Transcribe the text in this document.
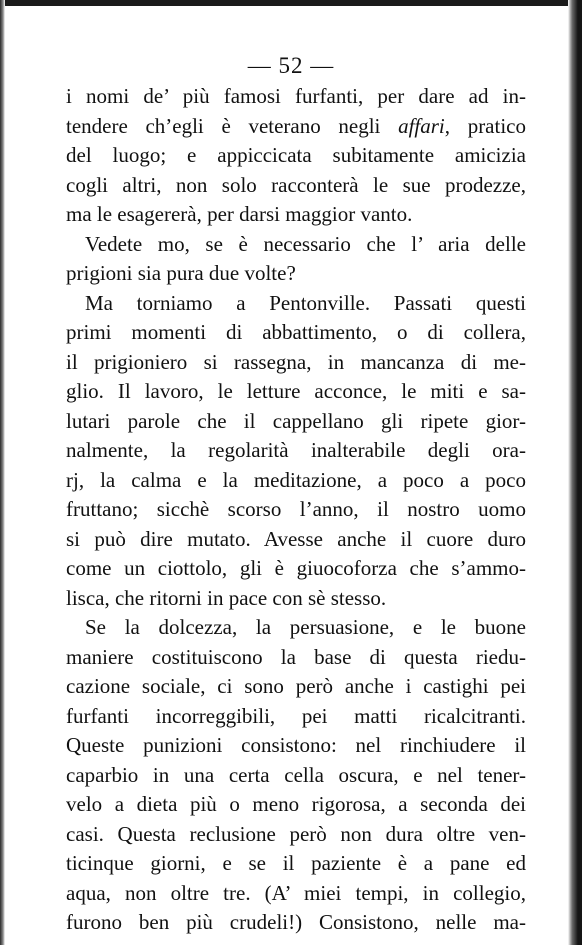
— 52 —
i nomi de’ più famosi furfanti, per dare ad in-
tendere ch’egli è veterano negli affari, pratico
del luogo; e appiccicata subitamente amicizia
cogli altri, non solo racconterà le sue prodezze,
ma le esagererà, per darsi maggior vanto.
Vedete mo, se è necessario che l’ aria delle
prigioni sia pura due volte?
Ma torniamo a Pentonville. Passati questi
primi momenti di abbattimento, o di collera,
il prigioniero si rassegna, in mancanza di me-
glio. Il lavoro, le letture acconce, le miti e sa-
lutari parole che il cappellano gli ripete gior-
nalmente, la regolarità inalterabile degli ora-
rj, la calma e la meditazione, a poco a poco
fruttano; sicchè scorso l’anno, il nostro uomo
si può dire mutato. Avesse anche il cuore duro
come un ciottolo, gli è giuocoforza che s’ammo-
lisca, che ritorni in pace con sè stesso.
Se la dolcezza, la persuasione, e le buone
maniere costituiscono la base di questa riedu-
cazione sociale, ci sono però anche i castighi pei
furfanti incorreggibili, pei matti ricalcitranti.
Queste punizioni consistono: nel rinchiudere il
caparbio in una certa cella oscura, e nel tener-
velo a dieta più o meno rigorosa, a seconda dei
casi. Questa reclusione però non dura oltre ven-
ticinque giorni, e se il paziente è a pane ed
aqua, non oltre tre. (A’ miei tempi, in collegio,
furono ben più crudeli!) Consistono, nelle ma-
